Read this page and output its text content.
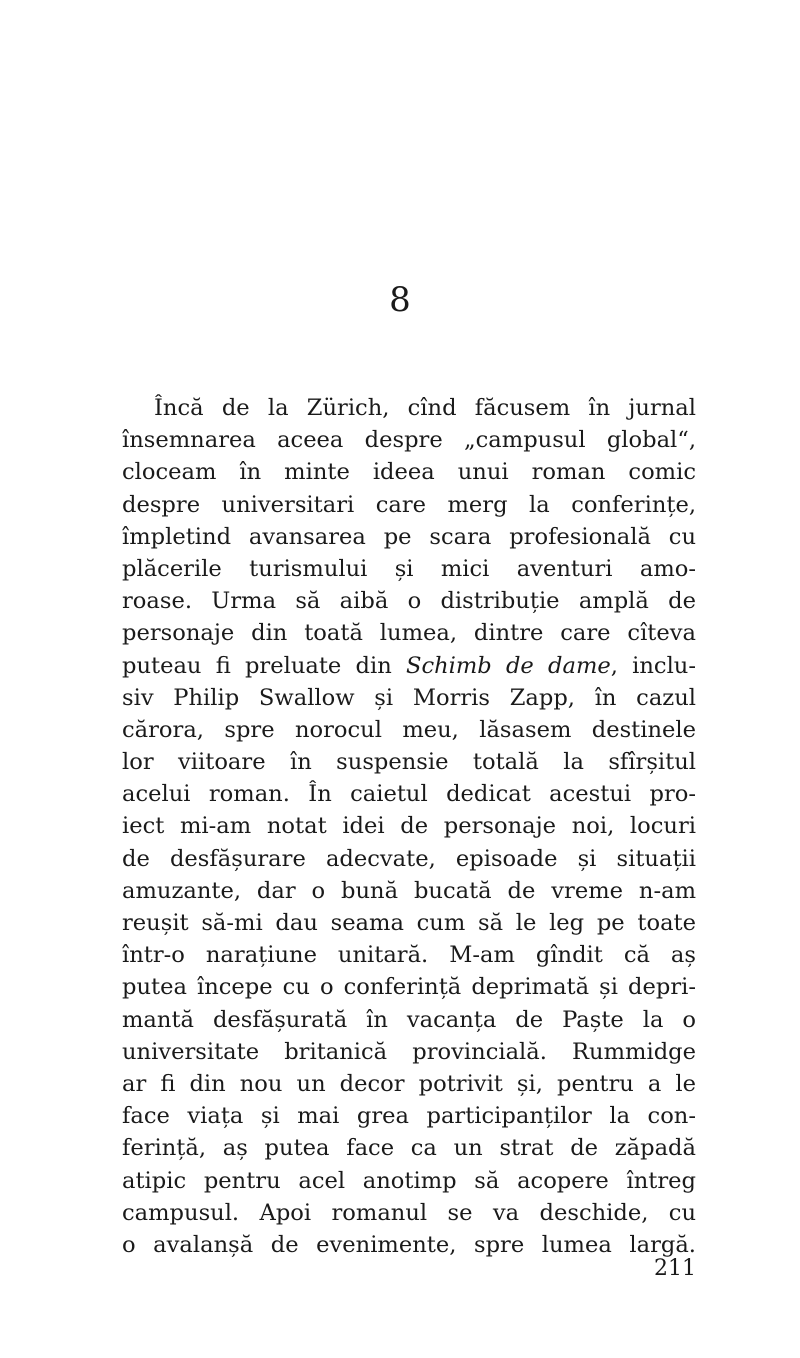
8
Încă de la Zürich, cînd făcusem în jurnal
însemnarea aceea despre „campusul global“,
cloceam în minte ideea unui roman comic
despre universitari care merg la conferințe,
împletind avansarea pe scara profesională cu
plăcerile turismului și mici aventuri amo-
roase. Urma să aibă o distribuție amplă de
personaje din toată lumea, dintre care cîteva
puteau fi preluate din Schimb de dame, inclu-
siv Philip Swallow și Morris Zapp, în cazul
cărora, spre norocul meu, lăsasem destinele
lor viitoare în suspensie totală la sfîrșitul
acelui roman. În caietul dedicat acestui pro-
iect mi-am notat idei de personaje noi, locuri
de desfășurare adecvate, episoade și situații
amuzante, dar o bună bucată de vreme n-am
reușit să-mi dau seama cum să le leg pe toate
într-o narațiune unitară. M-am gîndit că aș
putea începe cu o conferință deprimată și depri-
mantă desfășurată în vacanța de Paște la o
universitate britanică provincială. Rummidge
ar fi din nou un decor potrivit și, pentru a le
face viața și mai grea participanților la con-
ferință, aș putea face ca un strat de zăpadă
atipic pentru acel anotimp să acopere întreg
campusul. Apoi romanul se va deschide, cu
o avalanșă de evenimente, spre lumea largă.

211
